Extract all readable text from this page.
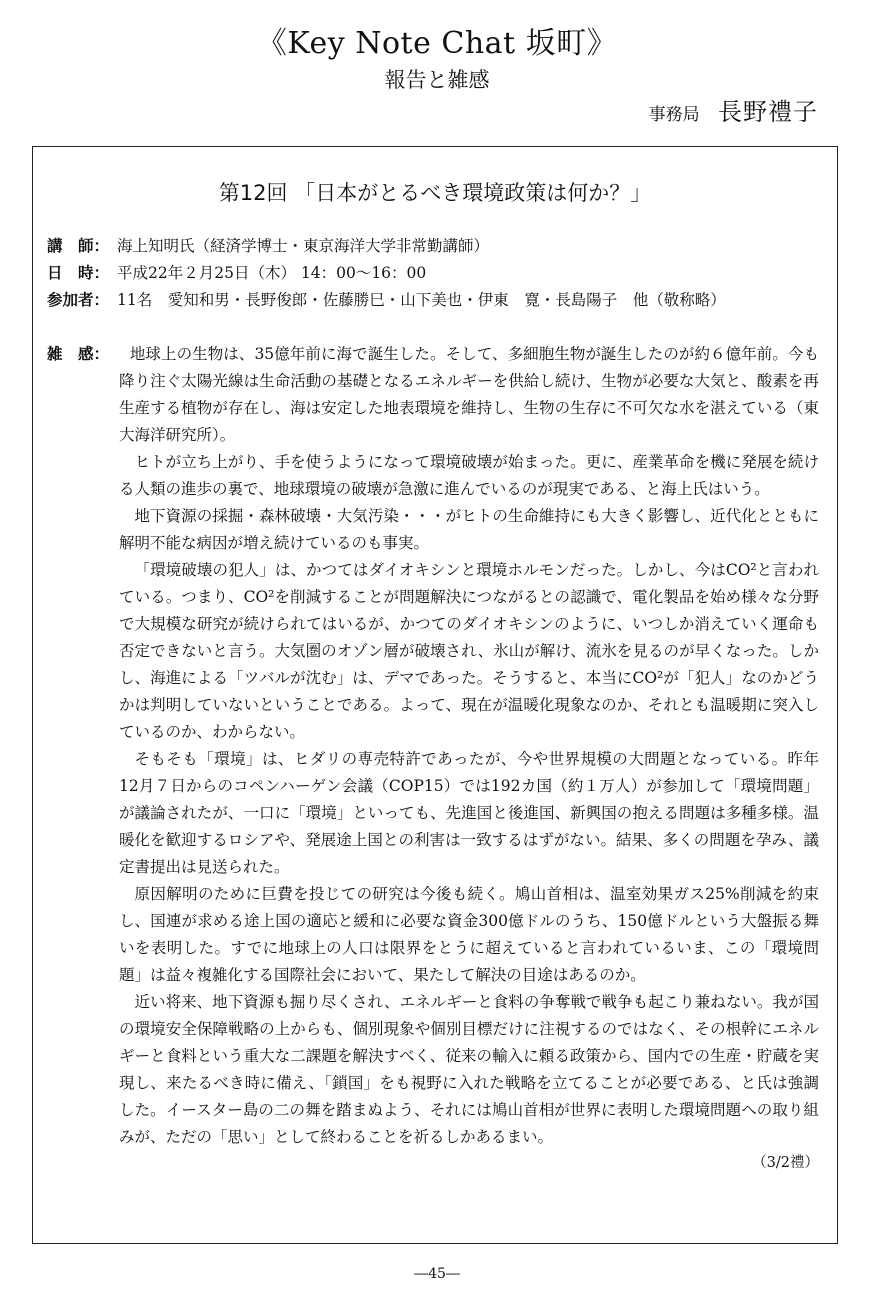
《Key Note Chat 坂町》
報告と雑感
事務局 長野禮子
第12回 「日本がとるべき環境政策は何か？」
講　師： 海上知明氏（経済学博士・東京海洋大学非常勤講師）
日　時： 平成22年２月25日（木） 14：00〜16：00
参加者： 11名　愛知和男・長野俊郎・佐藤勝巳・山下美也・伊東　寛・長島陽子　他（敬称略）
雑　感：	地球上の生物は、35億年前に海で誕生した。そして、多細胞生物が誕生したのが約６億年前。今も降り注ぐ太陽光線は生命活動の基礎となるエネルギーを供給し続け、生物が必要な大気と、酸素を再生産する植物が存在し、海は安定した地表環境を維持し、生物の生存に不可欠な水を湛えている（東大海洋研究所）。

ヒトが立ち上がり、手を使うようになって環境破壊が始まった。更に、産業革命を機に発展を続ける人類の進歩の裏で、地球環境の破壊が急激に進んでいるのが現実である、と海上氏はいう。

地下資源の採掘・森林破壊・大気汚染・・・がヒトの生命維持にも大きく影響し、近代化とともに解明不能な病因が増え続けているのも事実。

「環境破壊の犯人」は、かつてはダイオキシンと環境ホルモンだった。しかし、今はCO²と言われている。つまり、CO²を削減することが問題解決につながるとの認識で、電化製品を始め様々な分野で大規模な研究が続けられてはいるが、かつてのダイオキシンのように、いつしか消えていく運命も否定できないと言う。大気圏のオゾン層が破壊され、氷山が解け、流氷を見るのが早くなった。しかし、海進による「ツバルが沈む」は、デマであった。そうすると、本当にCO²が「犯人」なのかどうかは判明していないということである。よって、現在が温暖化現象なのか、それとも温暖期に突入しているのか、わからない。

そもそも「環境」は、ヒダリの専売特許であったが、今や世界規模の大問題となっている。昨年12月７日からのコペンハーゲン会議（COP15）では192カ国（約１万人）が参加して「環境問題」が議論されたが、一口に「環境」といっても、先進国と後進国、新興国の抱える問題は多種多様。温暖化を歓迎するロシアや、発展途上国との利害は一致するはずがない。結果、多くの問題を孕み、議定書提出は見送られた。

原因解明のために巨費を投じての研究は今後も続く。鳩山首相は、温室効果ガス25%削減を約束し、国連が求める途上国の適応と緩和に必要な資金300億ドルのうち、150億ドルという大盤振る舞いを表明した。すでに地球上の人口は限界をとうに超えていると言われているいま、この「環境問題」は益々複雑化する国際社会において、果たして解決の目途はあるのか。

近い将来、地下資源も掘り尽くされ、エネルギーと食料の争奪戦で戦争も起こり兼ねない。我が国の環境安全保障戦略の上からも、個別現象や個別目標だけに注視するのではなく、その根幹にエネルギーと食料という重大な二課題を解決すべく、従来の輸入に頼る政策から、国内での生産・貯蔵を実現し、来たるべき時に備え、「鎖国」をも視野に入れた戦略を立てることが必要である、と氏は強調した。イースター島の二の舞を踏まぬよう、それには鳩山首相が世界に表明した環境問題への取り組みが、ただの「思い」として終わることを祈るしかあるまい。

（3/2禮）
―45―
